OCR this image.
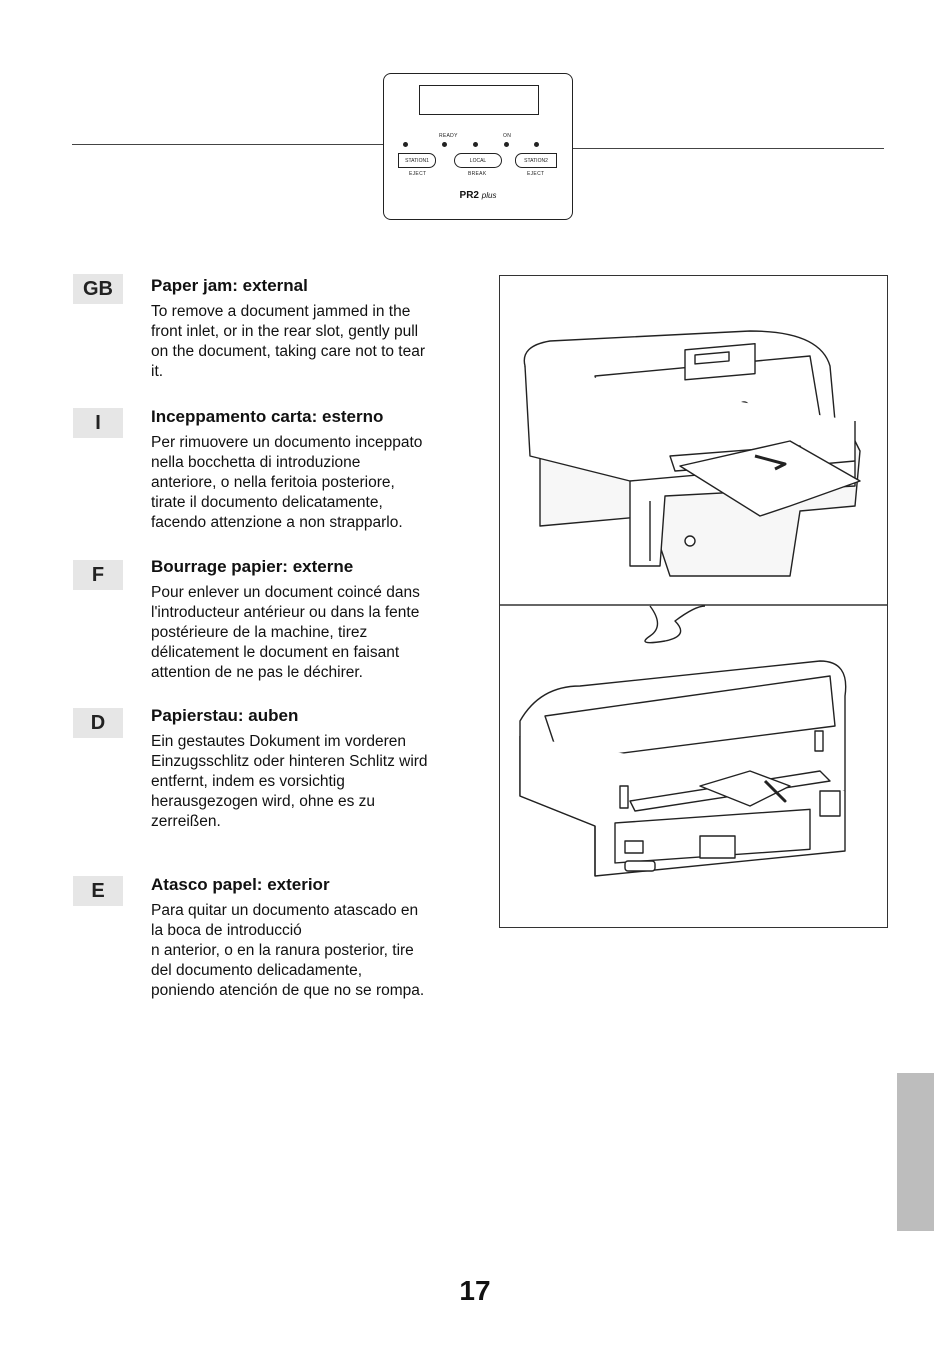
READY	ON
STATION1	LOCAL	STATION2
EJECT	BREAK	EJECT
PR2 plus
GB	Paper jam: external

To remove a document jammed in the
front inlet, or in the rear slot, gently pull
on the document, taking care not to tear
it.

I	Inceppamento carta: esterno

Per rimuovere un documento inceppato
nella bocchetta di introduzione
anteriore, o nella feritoia posteriore,
tirate il documento delicatamente,
facendo attenzione a non strapparlo.

F	Bourrage papier: externe

Pour enlever un document coincé dans
l'introducteur antérieur ou dans la fente
postérieure de la machine, tirez
délicatement le document en faisant
attention de ne pas le déchirer.

D	Papierstau: auben

Ein gestautes Dokument im vorderen
Einzugsschlitz oder hinteren Schlitz wird
entfernt, indem es vorsichtig
herausgezogen wird, ohne es zu
zerreißen.

E	Atasco papel: exterior

Para quitar un documento atascado en
la boca de introducció
n anterior, o en la ranura posterior, tire
del documento delicadamente,
poniendo atención de que no se rompa.

17
